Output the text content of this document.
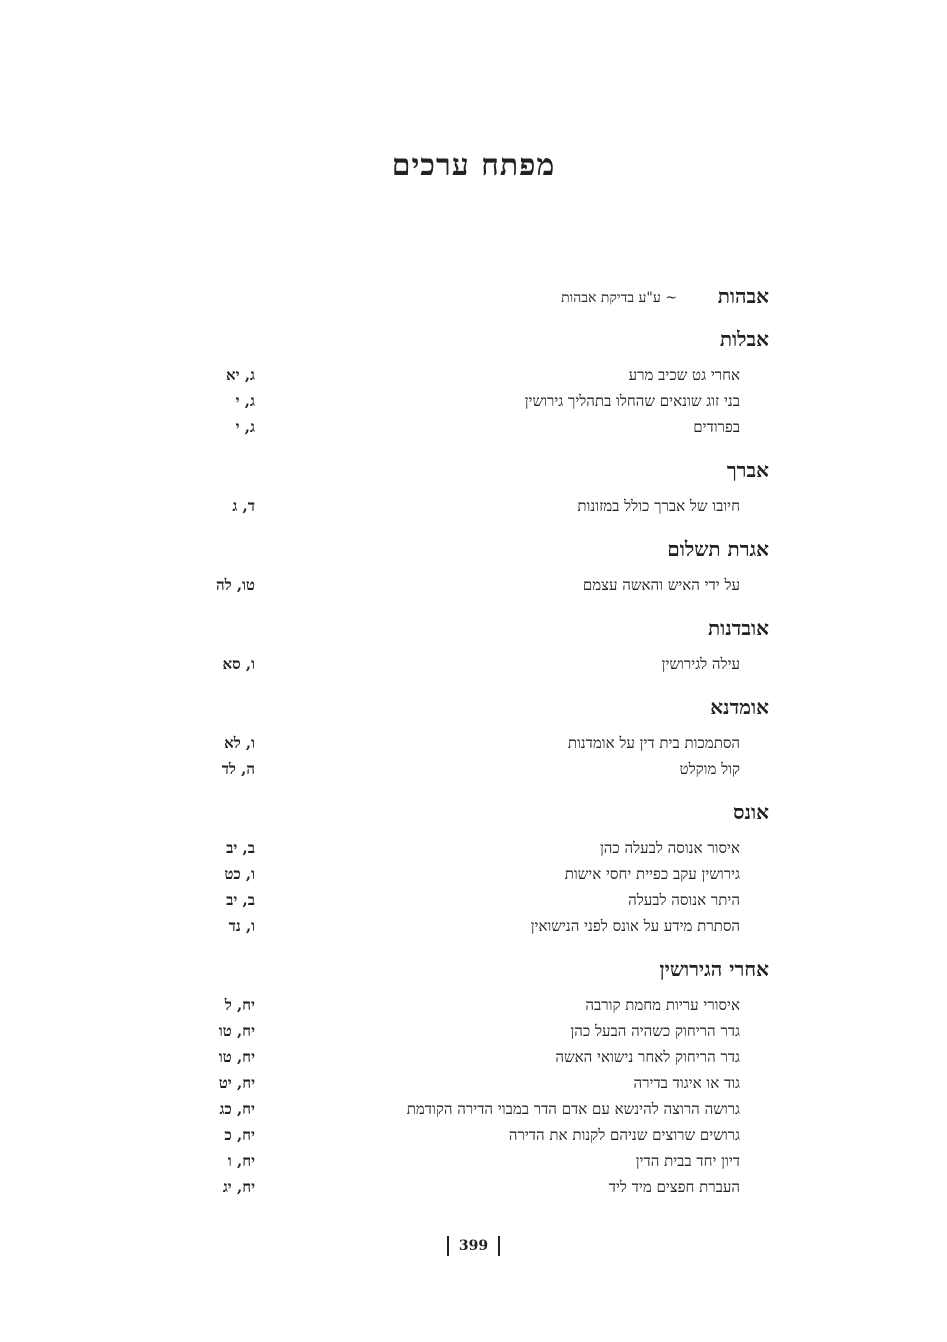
מפתח ערכים
אבהות
~ ע"ע בדיקת אבהות
אבלות
אחרי גט שכיב מרע
ג, יא
בני זוג שונאים שהחלו בתהליך גירושין
ג, י
בפרודים
ג, י
אברך
חיובו של אברך כולל במזונות
ד, ג
אגרת תשלום
על ידי האיש והאשה עצמם
טו, לה
אובדנות
עילה לגירושין
ו, סא
אומדנא
הסתמכות בית דין על אומדנות
ו, לא
קול מוקלט
ה, לד
אונס
איסור אנוסה לבעלה כהן
ב, יב
גירושין עקב כפיית יחסי אישות
ו, כט
היתר אנוסה לבעלה
ב, יב
הסתרת מידע על אונס לפני הנישואין
ו, נד
אחרי הגירושין
איסורי עריות מחמת קורבה
יח, ל
גדר הריחוק כשהיה הבעל כהן
יח, טו
גדר הריחוק לאחר נישואי האשה
יח, טו
גוד או איגוד בדירה
יח, יט
גרושה הרוצה להינשא עם אדם הדר במבוי הדירה הקודמת
יח, כג
גרושים שרוצים שניהם לקנות את הדירה
יח, כ
דיון יחד בבית הדין
יח, ו
העברת חפצים מיד ליד
יח, יג
399
